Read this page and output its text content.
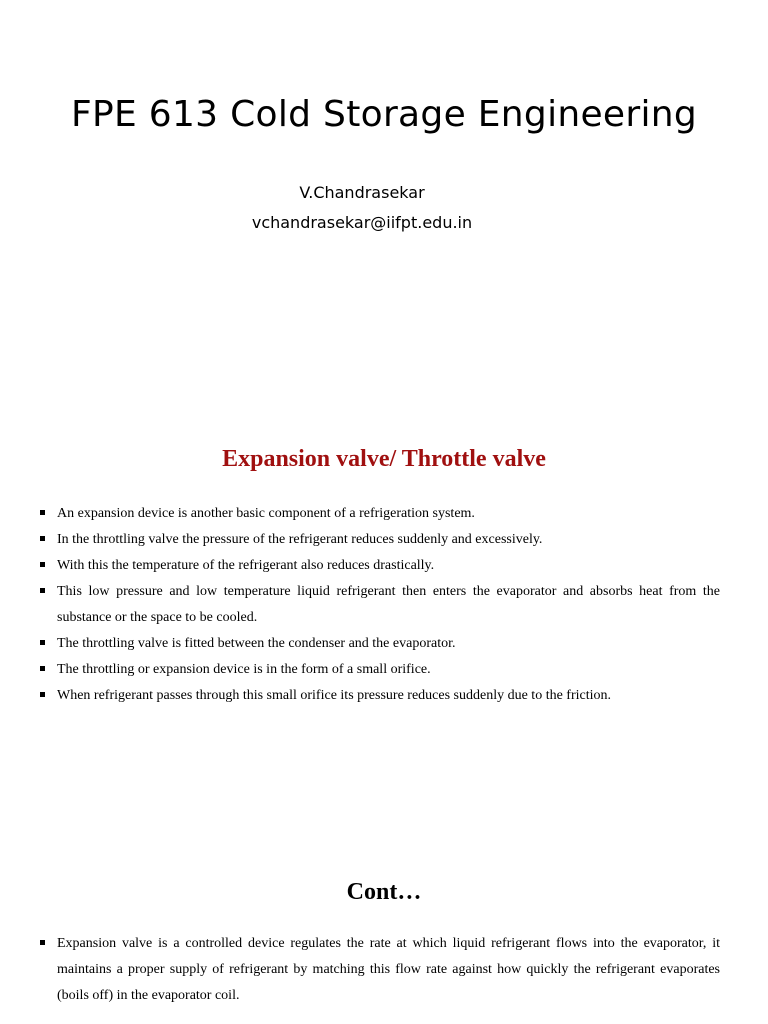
FPE 613 Cold Storage Engineering
V.Chandrasekar
vchandrasekar@iifpt.edu.in
Expansion valve/ Throttle valve
An expansion device is another basic component of a refrigeration system.
In the throttling valve the pressure of the refrigerant reduces suddenly and excessively.
With this the temperature of the refrigerant also reduces drastically.
This low pressure and low temperature liquid refrigerant then enters the evaporator and absorbs heat from the substance or the space to be cooled.
The throttling valve is fitted between the condenser and the evaporator.
The throttling or expansion device is in the form of a small orifice.
When refrigerant passes through this small orifice its pressure reduces suddenly due to the friction.
Cont…
Expansion valve is a controlled device regulates the rate at which liquid refrigerant flows into the evaporator, it maintains a proper supply of refrigerant by matching this flow rate against how quickly the refrigerant evaporates (boils off) in the evaporator coil.
